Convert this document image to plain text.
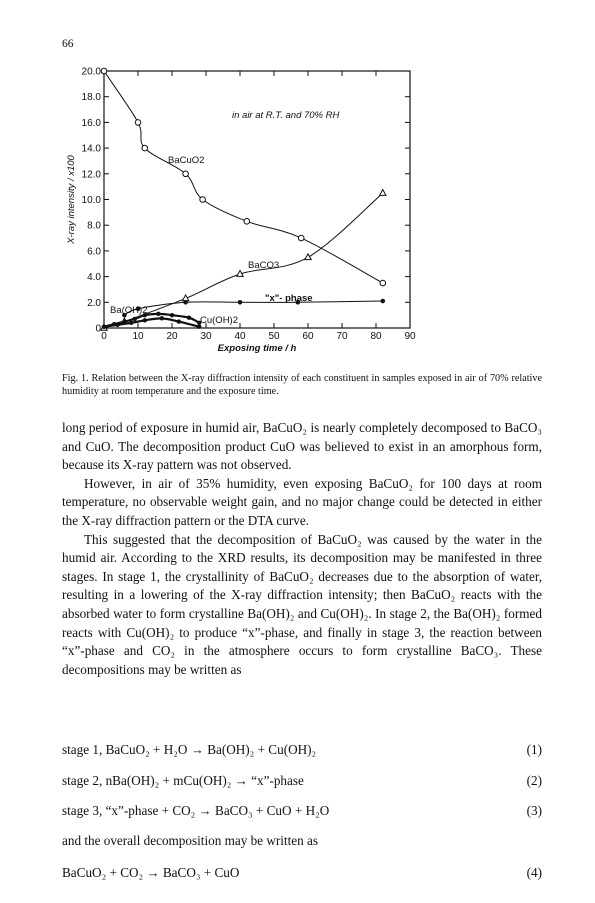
66
0	10 20 30 40 50 60 70 80 90
0
2.0
4.0
6.0
8.0
10.0
12.0
14.0
16.0
18.0
20.0
Exposing time / h
X-ray intensity / x100
in air at R.T. and 70% RH
BaCuO2
BaCO3
"x"- phase
Ba(OH)2
Cu(OH)2
Fig. 1. Relation between the X-ray diffraction intensity of each constituent in samples exposed in air of 70% relative humidity at room temperature and the exposure time.

long period of exposure in humid air, BaCuO₂ is nearly completely decomposed to BaCO₃ and CuO. The decomposition product CuO was believed to exist in an amorphous form, because its X-ray pattern was not observed.

However, in air of 35% humidity, even exposing BaCuO₂ for 100 days at room temperature, no observable weight gain, and no major change could be detected in either the X-ray diffraction pattern or the DTA curve.

This suggested that the decomposition of BaCuO₂ was caused by the water in the humid air. According to the XRD results, its decomposition may be manifested in three stages. In stage 1, the crystallinity of BaCuO₂ decreases due to the absorption of water, resulting in a lowering of the X-ray diffraction intensity; then BaCuO₂ reacts with the absorbed water to form crystalline Ba(OH)₂ and Cu(OH)₂. In stage 2, the Ba(OH)₂ formed reacts with Cu(OH)₂ to produce “x”-phase, and finally in stage 3, the reaction between “x”-phase and CO₂ in the atmosphere occurs to form crystalline BaCO₃. These decompositions may be written as

stage 1, BaCuO₂ + H₂O → Ba(OH)₂ + Cu(OH)₂	(1)
stage 2, nBa(OH)₂ + mCu(OH)₂ → “x”-phase	(2)
stage 3, “x”-phase + CO₂ → BaCO₃ + CuO + H₂O	(3)
and the overall decomposition may be written as
BaCuO₂ + CO₂ → BaCO₃ + CuO	(4)
